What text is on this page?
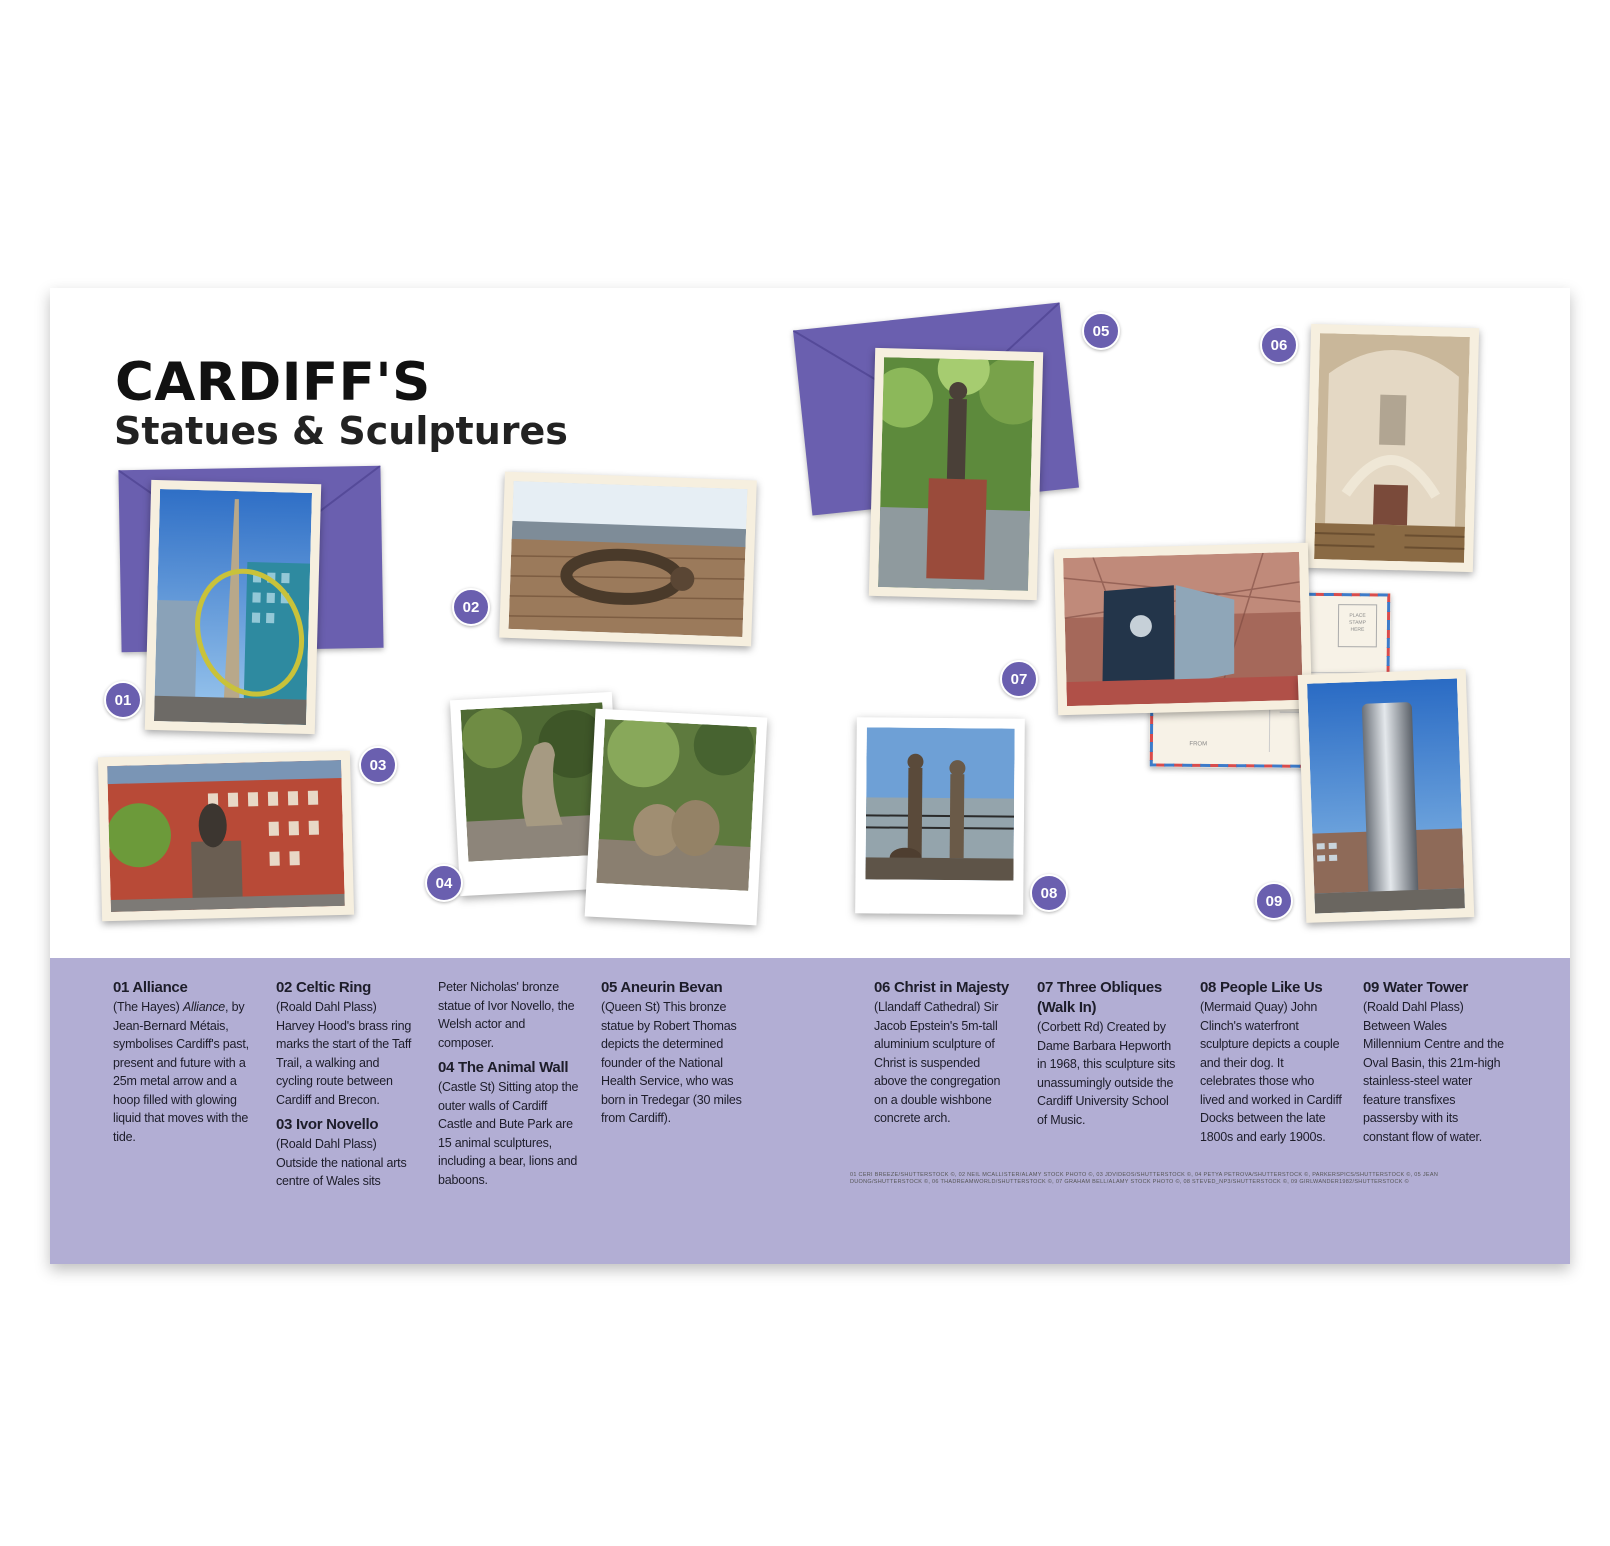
CARDIFF'S
Statues & Sculptures
01
02
03
04
05
06
PLACE STAMP HERE
FROM
07
08	09
01 Alliance

(The Hayes) Alliance, by Jean-Bernard Métais, symbolises Cardiff's past, present and future with a 25m metal arrow and a hoop filled with glowing liquid that moves with the tide.

02 Celtic Ring

(Roald Dahl Plass) Harvey Hood's brass ring marks the start of the Taff Trail, a walking and cycling route between Cardiff and Brecon.

03 Ivor Novello

(Roald Dahl Plass) Outside the national arts centre of Wales sits

Peter Nicholas' bronze statue of Ivor Novello, the Welsh actor and composer.

04 The Animal Wall

(Castle St) Sitting atop the outer walls of Cardiff Castle and Bute Park are 15 animal sculptures, including a bear, lions and baboons.

05 Aneurin Bevan

(Queen St) This bronze statue by Robert Thomas depicts the determined founder of the National Health Service, who was born in Tredegar (30 miles from Cardiff).

06 Christ in Majesty

(Llandaff Cathedral) Sir Jacob Epstein's 5m-tall aluminium sculpture of Christ is suspended above the congregation on a double wishbone concrete arch.

07 Three Obliques (Walk In)

(Corbett Rd) Created by Dame Barbara Hepworth in 1968, this sculpture sits unassumingly outside the Cardiff University School of Music.

08 People Like Us

(Mermaid Quay) John Clinch's waterfront sculpture depicts a couple and their dog. It celebrates those who lived and worked in Cardiff Docks between the late 1800s and early 1900s.

09 Water Tower

(Roald Dahl Plass) Between Wales Millennium Centre and the Oval Basin, this 21m-high stainless-steel water feature transfixes passersby with its constant flow of water.

01 CERI BREEZE/SHUTTERSTOCK ©, 02 NEIL MCALLISTER/ALAMY STOCK PHOTO ©, 03 JDVIDEOS/SHUTTERSTOCK ©, 04 PETYA PETROVA/SHUTTERSTOCK ©, PARKERSPICS/SHUTTERSTOCK ©, 05 JEAN DUONG/SHUTTERSTOCK ©, 06 THADREAMWORLD/SHUTTERSTOCK ©, 07 GRAHAM BELL/ALAMY STOCK PHOTO ©, 08 STEVED_NP3/SHUTTERSTOCK ©, 09 GIRLWANDER1982/SHUTTERSTOCK ©
